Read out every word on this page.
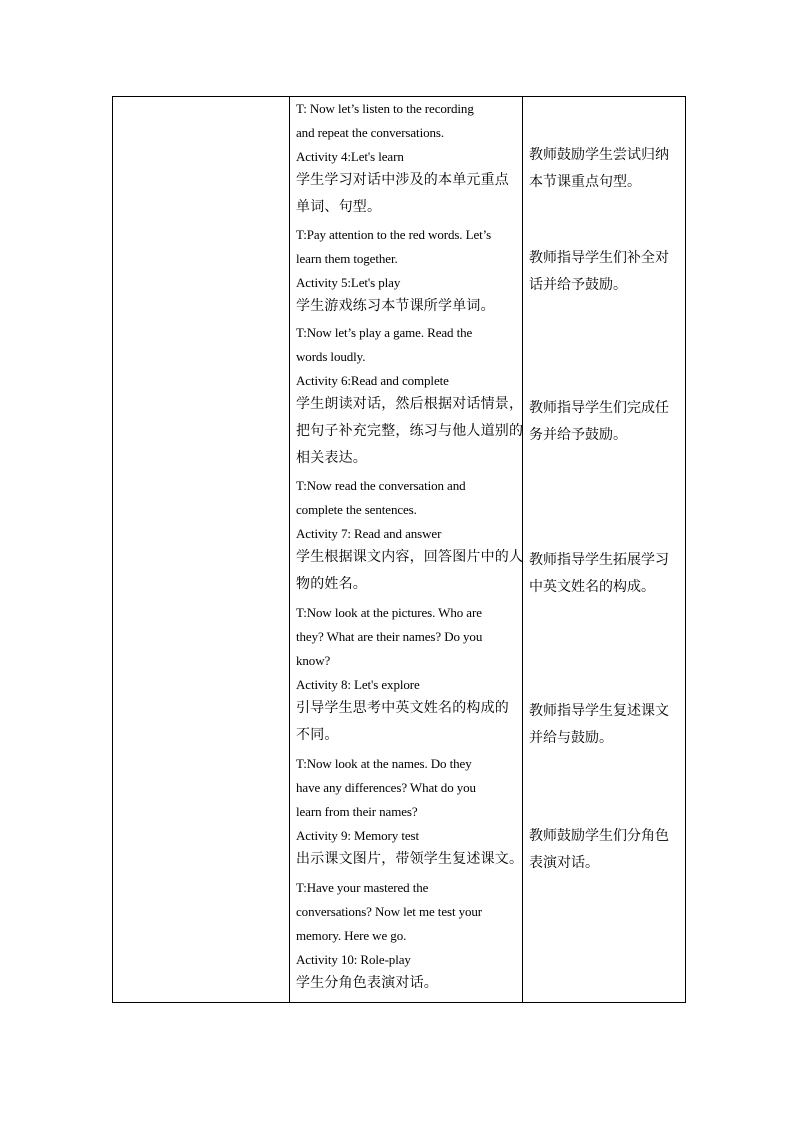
T: Now let’s listen to the recording
and repeat the conversations.
Activity 4:Let's learn
学生学习对话中涉及的本单元重点
单词、句型。
T:Pay attention to the red words. Let’s
learn them together.
Activity 5:Let's play
学生游戏练习本节课所学单词。
T:Now let’s play a game. Read the
words loudly.
Activity 6:Read and complete
学生朗读对话，然后根据对话情景，
把句子补充完整，练习与他人道别的
相关表达。
T:Now read the conversation and
complete the sentences.
Activity 7: Read and answer
学生根据课文内容，回答图片中的人
物的姓名。
T:Now look at the pictures. Who are
they? What are their names? Do you
know?
Activity 8: Let's explore
引导学生思考中英文姓名的构成的
不同。
T:Now look at the names. Do they
have any differences? What do you
learn from their names?
Activity 9: Memory test
出示课文图片，带领学生复述课文。
T:Have your mastered the
conversations? Now let me test your
memory. Here we go.
Activity 10: Role-play
学生分角色表演对话。
教师鼓励学生尝试归纳
本节课重点句型。
教师指导学生们补全对
话并给予鼓励。
教师指导学生们完成任
务并给予鼓励。
教师指导学生拓展学习
中英文姓名的构成。
教师指导学生复述课文
并给与鼓励。
教师鼓励学生们分角色
表演对话。
